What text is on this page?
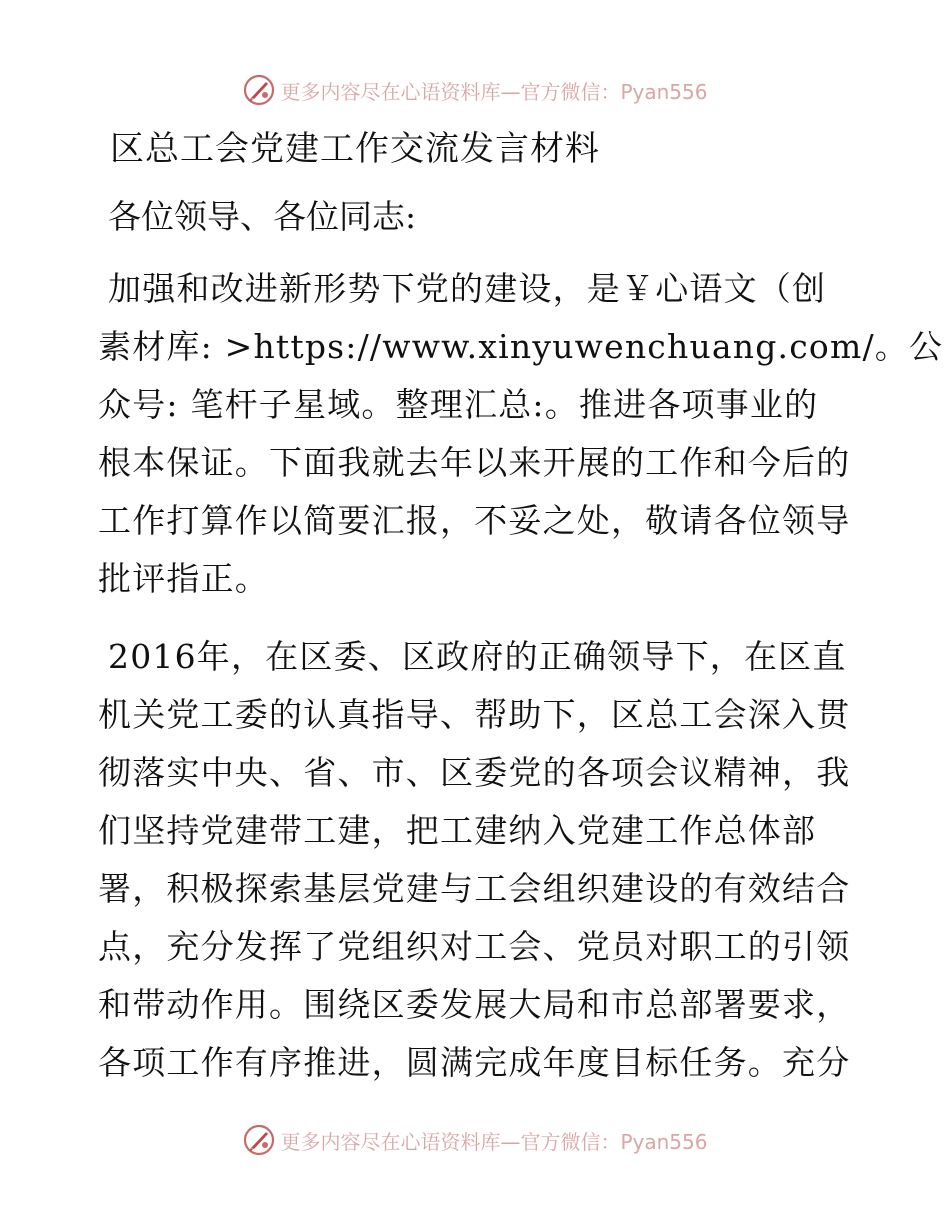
更多内容尽在心语资料库—官方微信：Pyan556
区总工会党建工作交流发言材料
各位领导、各位同志:
加强和改进新形势下党的建设，是￥心语文（创
素材库: >https://www.xinyuwenchuang.com/。公
众号: 笔杆子星域。整理汇总:。推进各项事业的
根本保证。下面我就去年以来开展的工作和今后的
工作打算作以简要汇报，不妥之处，敬请各位领导
批评指正。
2016年，在区委、区政府的正确领导下，在区直
机关党工委的认真指导、帮助下，区总工会深入贯
彻落实中央、省、市、区委党的各项会议精神，我
们坚持党建带工建，把工建纳入党建工作总体部
署，积极探索基层党建与工会组织建设的有效结合
点，充分发挥了党组织对工会、党员对职工的引领
和带动作用。围绕区委发展大局和市总部署要求，
各项工作有序推进，圆满完成年度目标任务。充分
更多内容尽在心语资料库—官方微信：Pyan556
